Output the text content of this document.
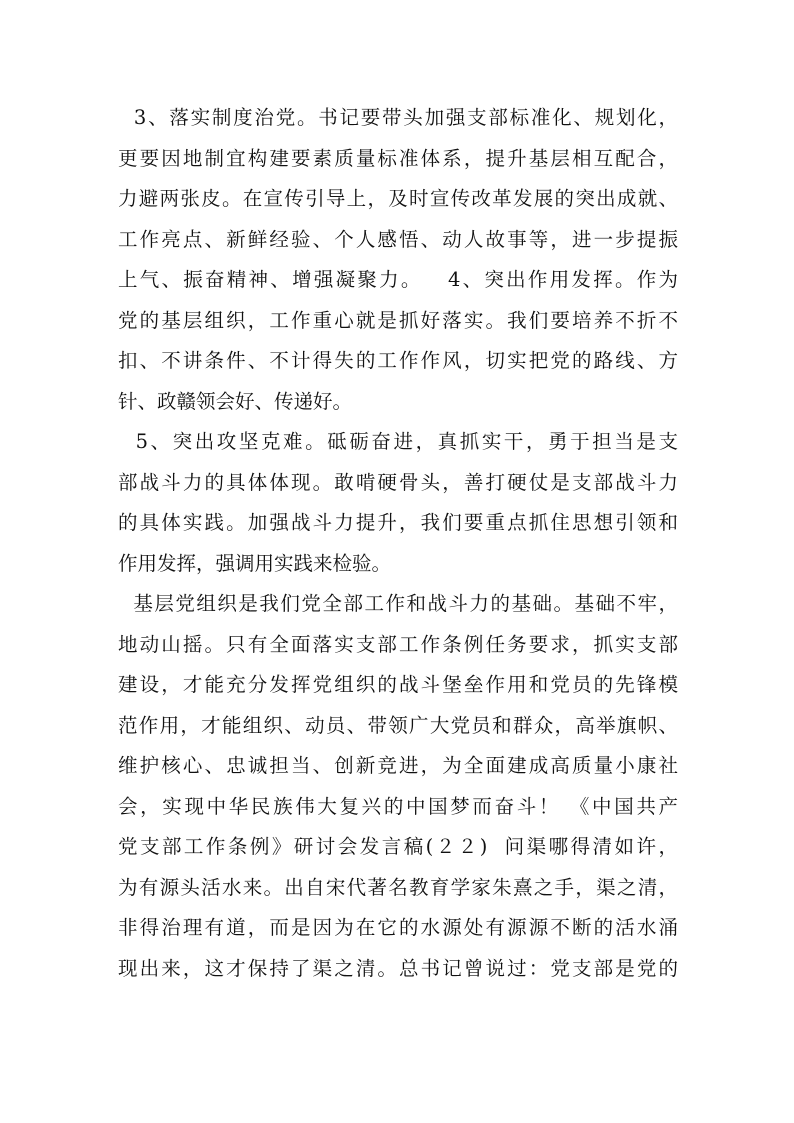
3、落实制度治党。书记要带头加强支部标准化、规划化，
更要因地制宜构建要素质量标准体系，提升基层相互配合，
力避两张皮。在宣传引导上，及时宣传改革发展的突出成就、
工作亮点、新鲜经验、个人感悟、动人故事等，进一步提振
上气、振奋精神、增强凝聚力。   4、突出作用发挥。作为
党的基层组织，工作重心就是抓好落实。我们要培养不折不
扣、不讲条件、不计得失的工作作风，切实把党的路线、方
针、政赣领会好、传递好。
5、突出攻坚克难。砥砺奋进，真抓实干，勇于担当是支
部战斗力的具体体现。敢啃硬骨头，善打硬仗是支部战斗力
的具体实践。加强战斗力提升，我们要重点抓住思想引领和
作用发挥，强调用实践来检验。
基层党组织是我们党全部工作和战斗力的基础。基础不牢，
地动山摇。只有全面落实支部工作条例任务要求，抓实支部
建设，才能充分发挥党组织的战斗堡垒作用和党员的先锋模
范作用，才能组织、动员、带领广大党员和群众，高举旗帜、
维护核心、忠诚担当、创新竞进，为全面建成高质量小康社
会，实现中华民族伟大复兴的中国梦而奋斗！ 《中国共产
党支部工作条例》研讨会发言稿(２２)  问渠哪得清如许，
为有源头活水来。出自宋代著名教育学家朱熹之手，渠之清，
非得治理有道，而是因为在它的水源处有源源不断的活水涌
现出来，这才保持了渠之清。总书记曾说过：党支部是党的
